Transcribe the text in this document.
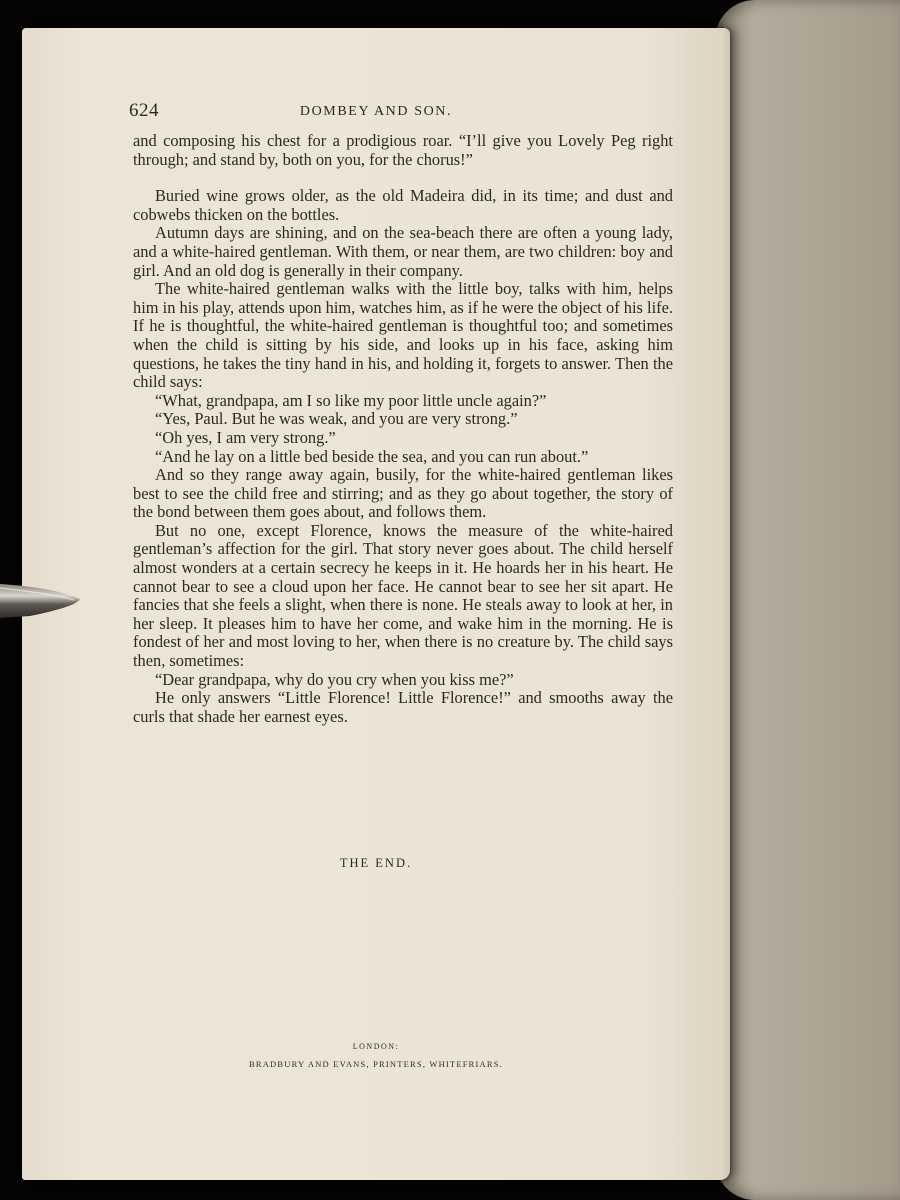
624	DOMBEY AND SON.

and composing his chest for a prodigious roar. “I’ll give you Lovely Peg right through; and stand by, both on you, for the chorus!”

Buried wine grows older, as the old Madeira did, in its time; and dust and cobwebs thicken on the bottles.

Autumn days are shining, and on the sea-beach there are often a young lady, and a white-haired gentleman. With them, or near them, are two children: boy and girl. And an old dog is generally in their company.

The white-haired gentleman walks with the little boy, talks with him, helps him in his play, attends upon him, watches him, as if he were the object of his life. If he is thoughtful, the white-haired gentleman is thoughtful too; and sometimes when the child is sitting by his side, and looks up in his face, asking him questions, he takes the tiny hand in his, and holding it, forgets to answer. Then the child says:

“What, grandpapa, am I so like my poor little uncle again?”

“Yes, Paul. But he was weak, and you are very strong.”

“Oh yes, I am very strong.”

“And he lay on a little bed beside the sea, and you can run about.”

And so they range away again, busily, for the white-haired gentleman likes best to see the child free and stirring; and as they go about together, the story of the bond between them goes about, and follows them.

But no one, except Florence, knows the measure of the white-haired gentleman’s affection for the girl. That story never goes about. The child herself almost wonders at a certain secrecy he keeps in it. He hoards her in his heart. He cannot bear to see a cloud upon her face. He cannot bear to see her sit apart. He fancies that she feels a slight, when there is none. He steals away to look at her, in her sleep. It pleases him to have her come, and wake him in the morning. He is fondest of her and most loving to her, when there is no creature by. The child says then, sometimes:

“Dear grandpapa, why do you cry when you kiss me?”

He only answers “Little Florence! Little Florence!” and smooths away the curls that shade her earnest eyes.

THE END.
LONDON:
BRADBURY AND EVANS, PRINTERS, WHITEFRIARS.
